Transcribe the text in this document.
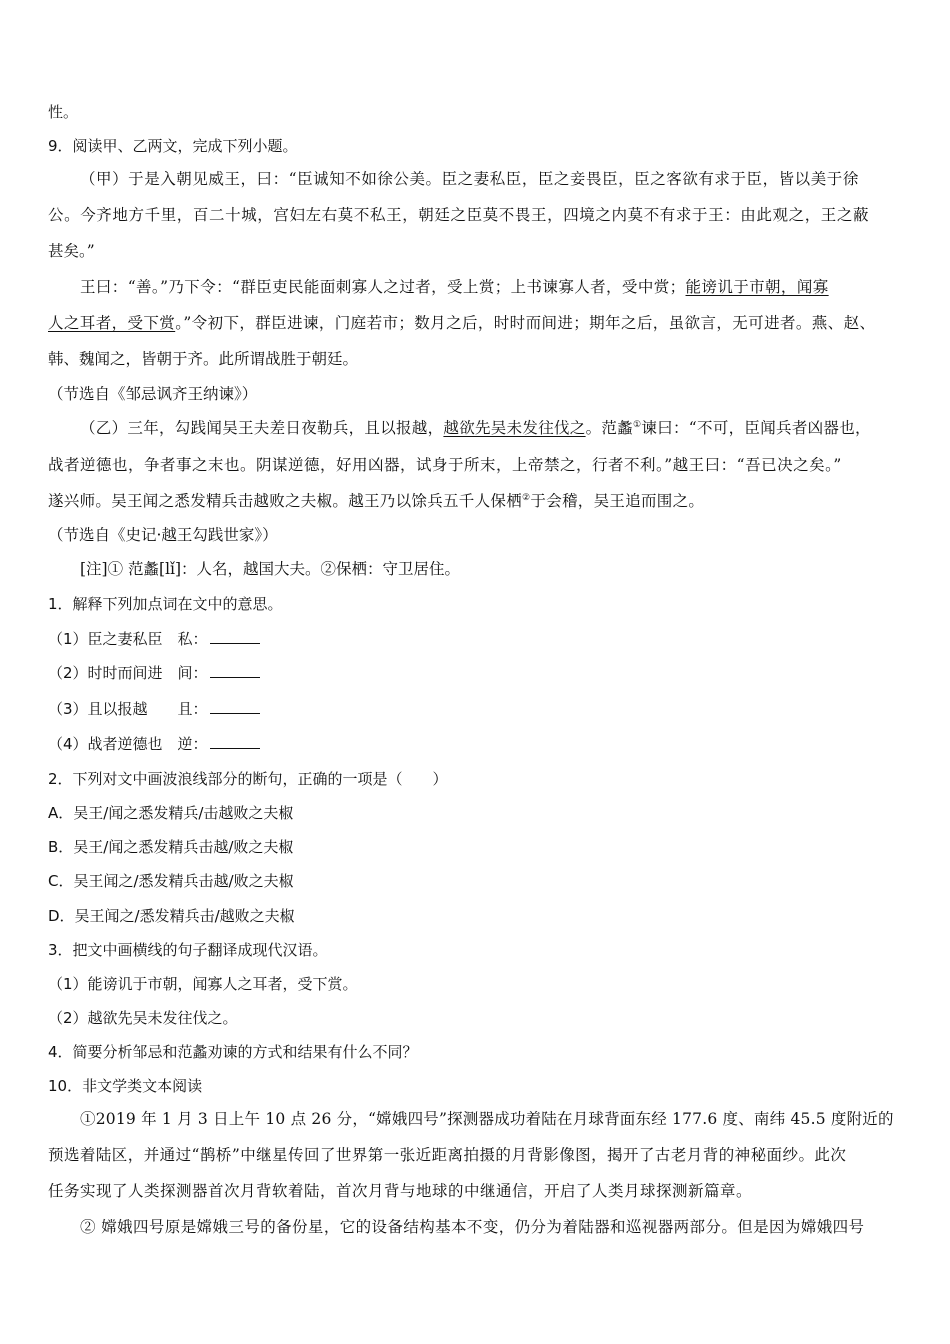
性。
9．阅读甲、乙两文，完成下列小题。
（甲）于是入朝见威王，曰：“臣诚知不如徐公美。臣之妻私臣，臣之妾畏臣，臣之客欲有求于臣，皆以美于徐
公。今齐地方千里，百二十城，宫妇左右莫不私王，朝廷之臣莫不畏王，四境之内莫不有求于王：由此观之，王之蔽
甚矣。”
王曰：“善。”乃下令：“群臣吏民能面刺寡人之过者，受上赏；上书谏寡人者，受中赏；能谤讥于市朝，闻寡
人之耳者，受下赏。”令初下，群臣进谏，门庭若市；数月之后，时时而间进；期年之后，虽欲言，无可进者。燕、赵、
韩、魏闻之，皆朝于齐。此所谓战胜于朝廷。
（节选自《邹忌讽齐王纳谏》）
（乙）三年，勾践闻吴王夫差日夜勒兵，且以报越，越欲先吴未发往伐之。范蠡①谏曰：“不可，臣闻兵者凶器也，
战者逆德也，争者事之末也。阴谋逆德，好用凶器，试身于所末，上帝禁之，行者不利。”越王曰：“吾已决之矣。”
遂兴师。吴王闻之悉发精兵击越败之夫椒。越王乃以馀兵五千人保栖②于会稽，吴王追而围之。
（节选自《史记·越王勾践世家》）
[注]① 范蠡[lǐ]：人名，越国大夫。②保栖：守卫居住。
1．解释下列加点词在文中的意思。
（1）臣之妻私臣　私：
（2）时时而间进　间：
（3）且以报越　　且：
（4）战者逆德也　逆：
2．下列对文中画波浪线部分的断句，正确的一项是（　　）
A．吴王/闻之悉发精兵/击越败之夫椒
B．吴王/闻之悉发精兵击越/败之夫椒
C．吴王闻之/悉发精兵击越/败之夫椒
D．吴王闻之/悉发精兵击/越败之夫椒
3．把文中画横线的句子翻译成现代汉语。
（1）能谤讥于市朝，闻寡人之耳者，受下赏。
（2）越欲先吴未发往伐之。
4．简要分析邹忌和范蠡劝谏的方式和结果有什么不同？
10．非文学类文本阅读
①2019 年 1 月 3 日上午 10 点 26 分，“嫦娥四号”探测器成功着陆在月球背面东经 177.6 度、南纬 45.5 度附近的
预选着陆区，并通过“鹊桥”中继星传回了世界第一张近距离拍摄的月背影像图，揭开了古老月背的神秘面纱。此次
任务实现了人类探测器首次月背软着陆，首次月背与地球的中继通信，开启了人类月球探测新篇章。
② 嫦娥四号原是嫦娥三号的备份星，它的设备结构基本不变，仍分为着陆器和巡视器两部分。但是因为嫦娥四号
